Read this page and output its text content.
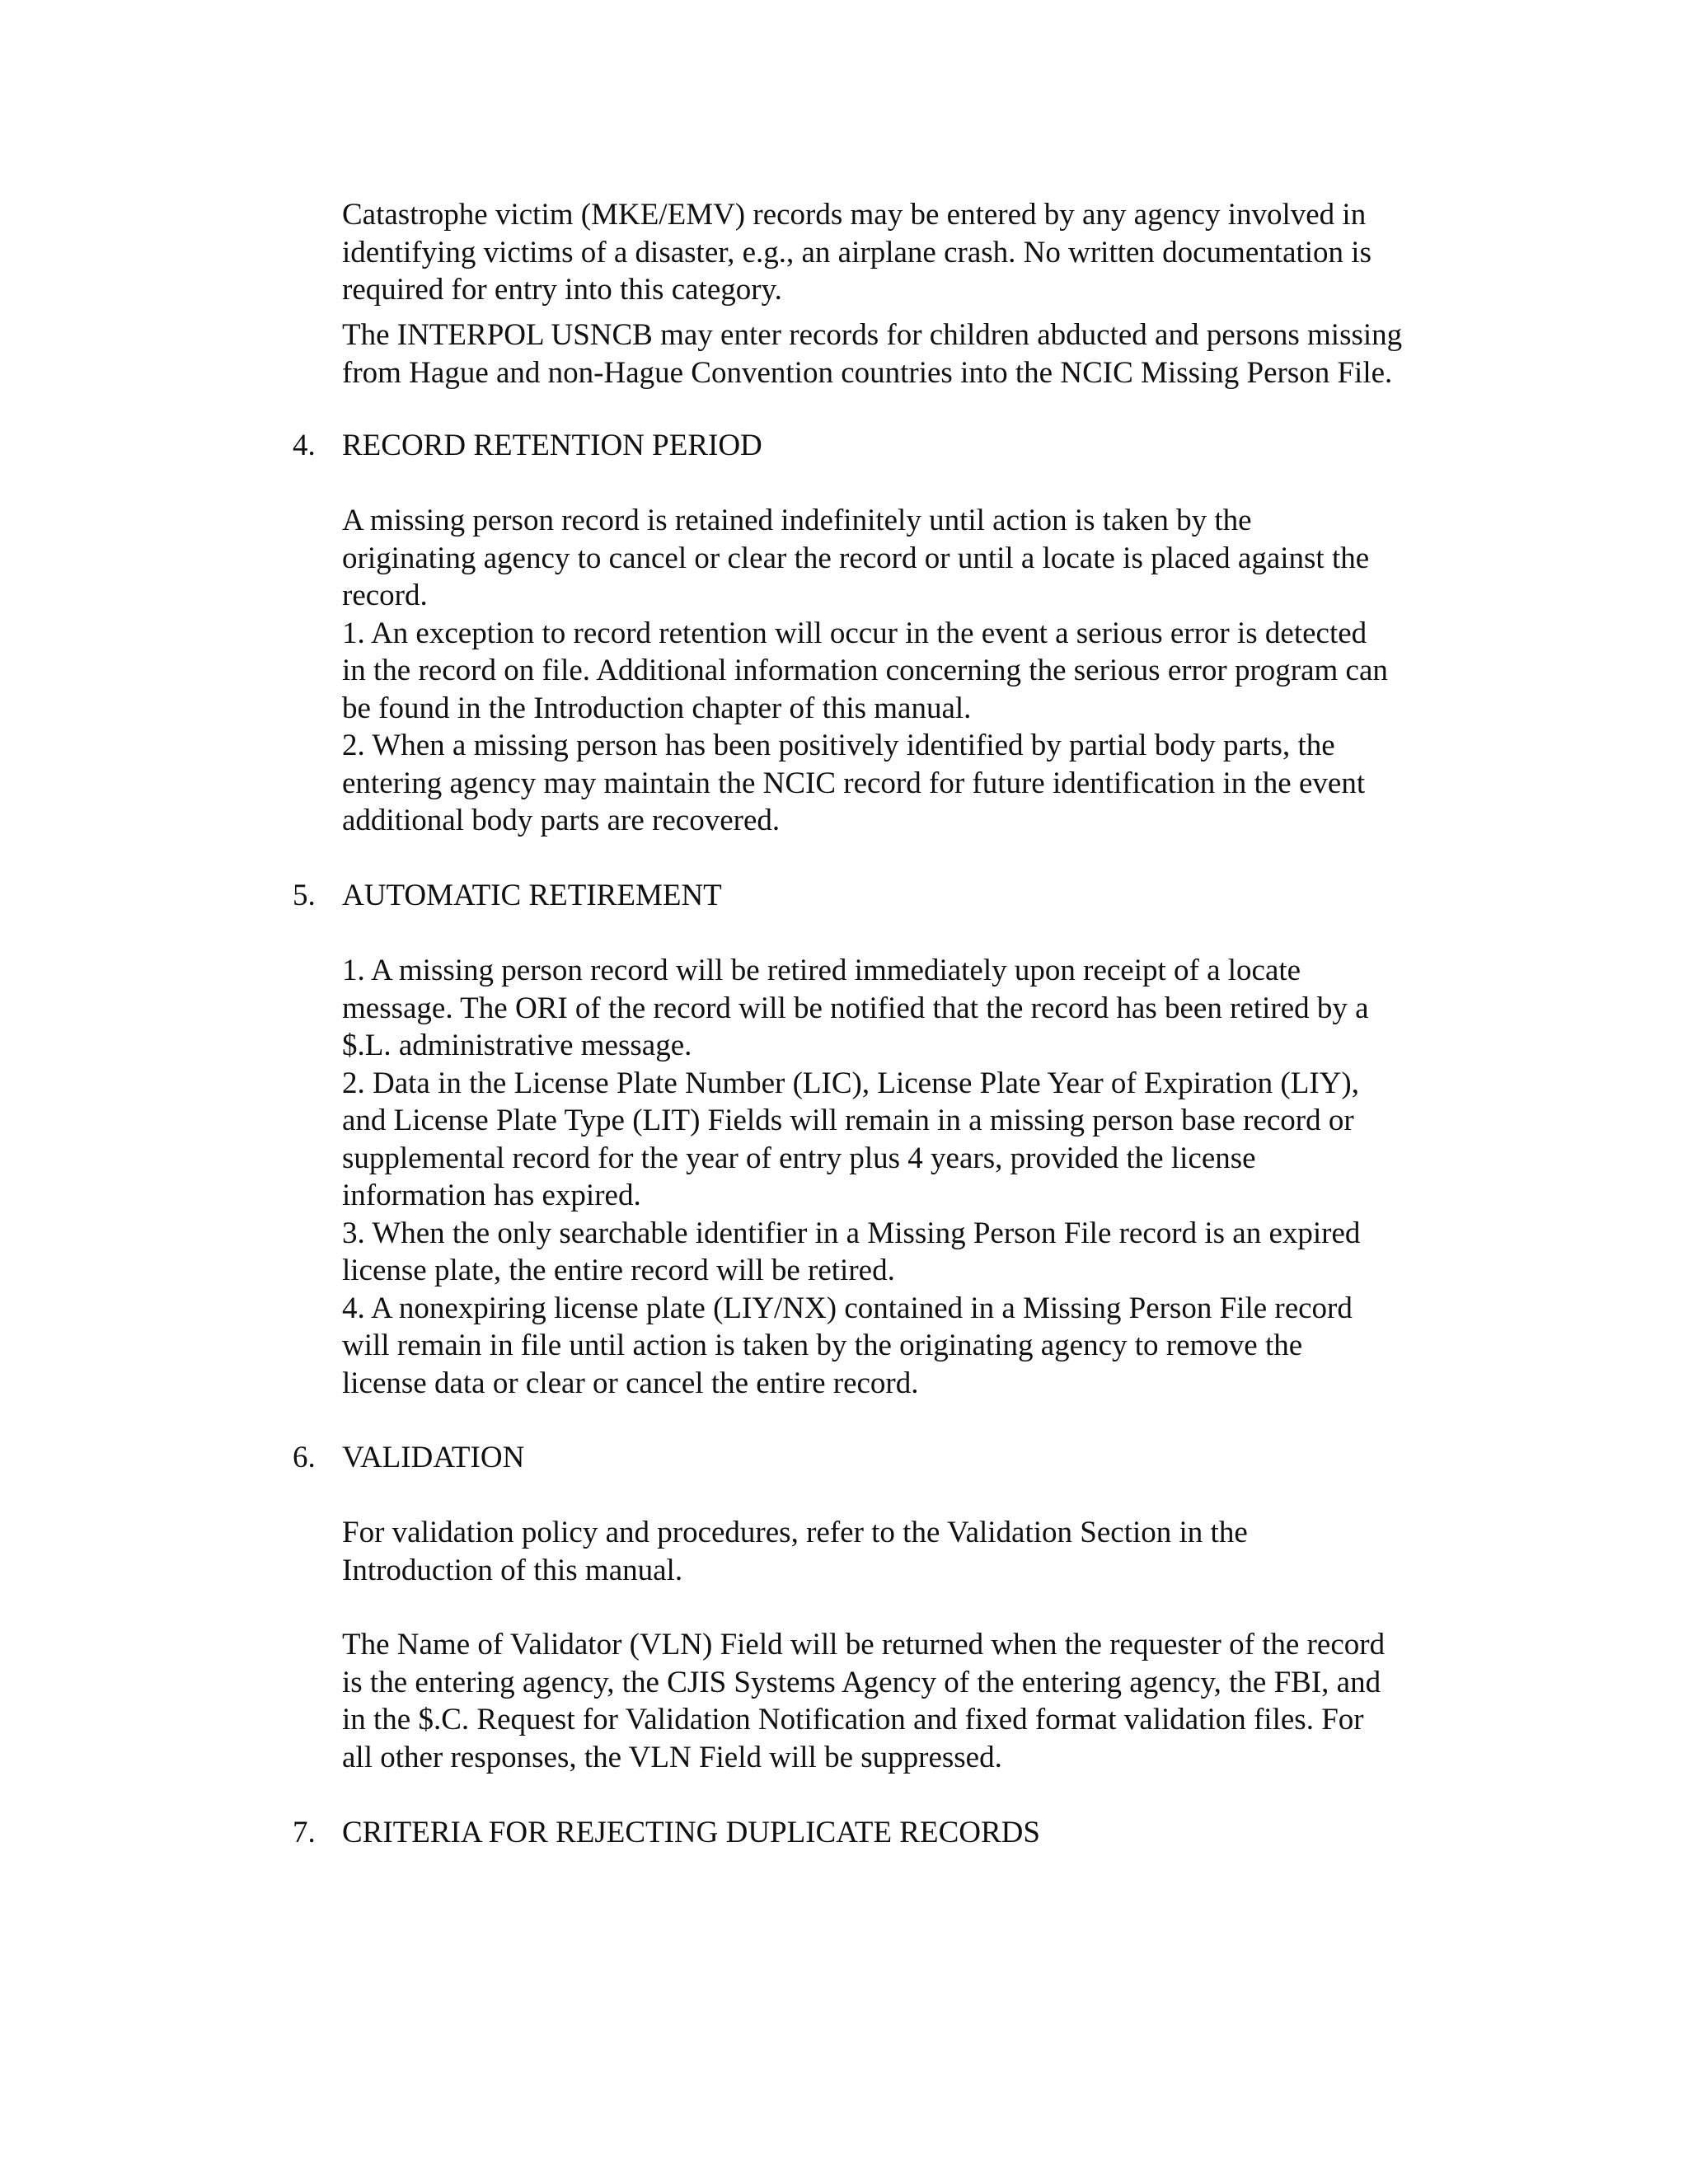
Catastrophe victim (MKE/EMV) records may be entered by any agency involved in
identifying victims of a disaster, e.g., an airplane crash. No written documentation is
required for entry into this category.

The INTERPOL USNCB may enter records for children abducted and persons missing
from Hague and non-Hague Convention countries into the NCIC Missing Person File.

4. RECORD RETENTION PERIOD

A missing person record is retained indefinitely until action is taken by the
originating agency to cancel or clear the record or until a locate is placed against the
record.
1. An exception to record retention will occur in the event a serious error is detected
in the record on file. Additional information concerning the serious error program can
be found in the Introduction chapter of this manual.
2. When a missing person has been positively identified by partial body parts, the
entering agency may maintain the NCIC record for future identification in the event
additional body parts are recovered.

5. AUTOMATIC RETIREMENT

1. A missing person record will be retired immediately upon receipt of a locate
message. The ORI of the record will be notified that the record has been retired by a
$.L. administrative message.
2. Data in the License Plate Number (LIC), License Plate Year of Expiration (LIY),
and License Plate Type (LIT) Fields will remain in a missing person base record or
supplemental record for the year of entry plus 4 years, provided the license
information has expired.
3. When the only searchable identifier in a Missing Person File record is an expired
license plate, the entire record will be retired.
4. A nonexpiring license plate (LIY/NX) contained in a Missing Person File record
will remain in file until action is taken by the originating agency to remove the
license data or clear or cancel the entire record.

6. VALIDATION

For validation policy and procedures, refer to the Validation Section in the
Introduction of this manual.

The Name of Validator (VLN) Field will be returned when the requester of the record
is the entering agency, the CJIS Systems Agency of the entering agency, the FBI, and
in the $.C. Request for Validation Notification and fixed format validation files. For
all other responses, the VLN Field will be suppressed.

7. CRITERIA FOR REJECTING DUPLICATE RECORDS
